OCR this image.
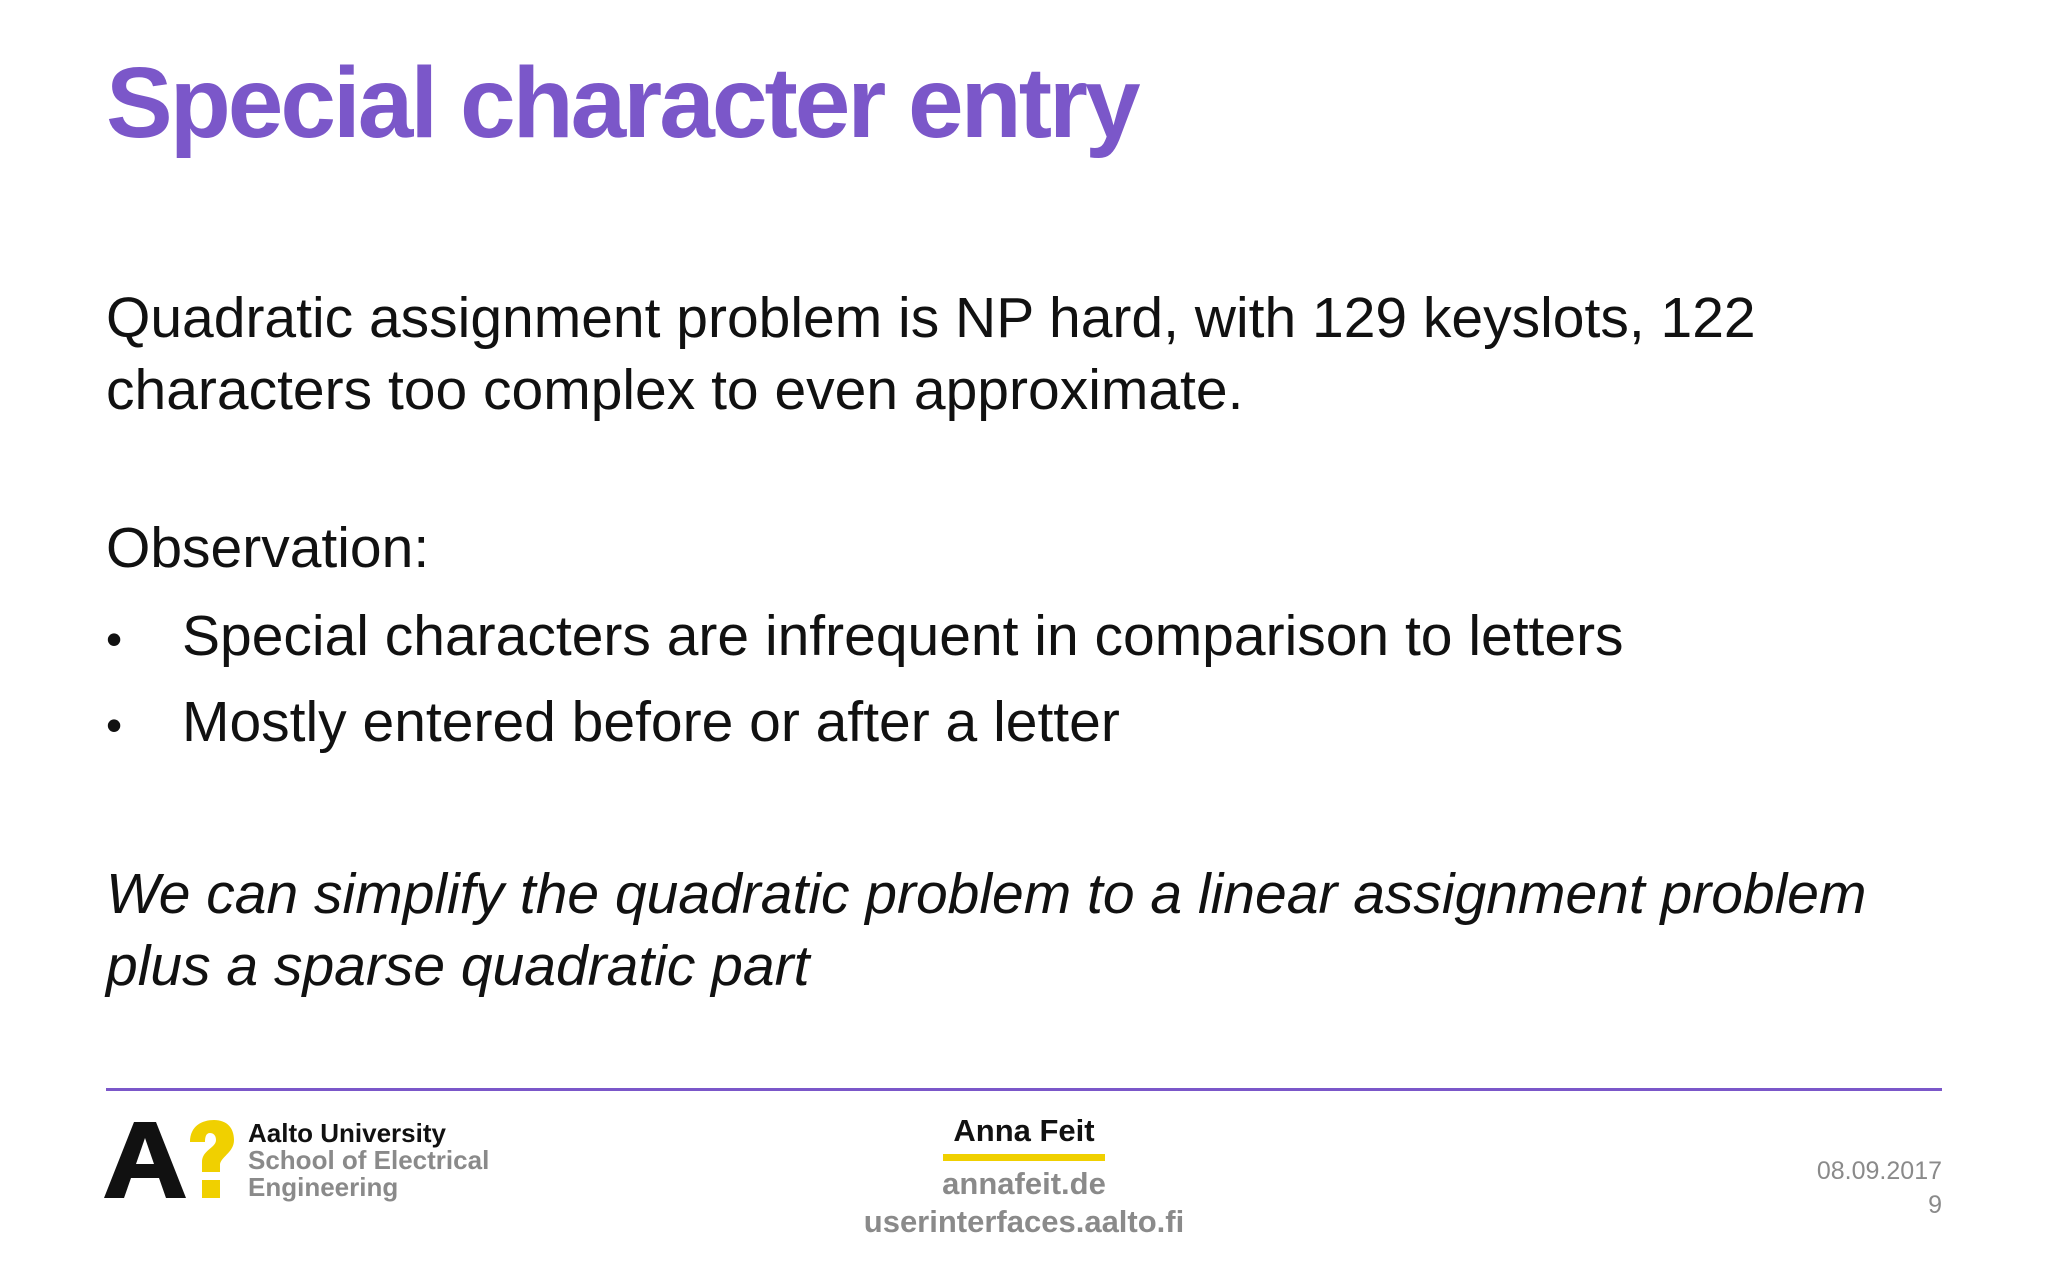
Special character entry
Quadratic assignment problem is NP hard, with 129 keyslots, 122 characters too complex to even approximate.
Observation:
•	Special characters are infrequent in comparison to letters
•	Mostly entered before or after a letter
We can simplify the quadratic problem to a linear assignment problem plus a sparse quadratic part
Aalto University
School of Electrical
Engineering
Anna Feit
annafeit.de
userinterfaces.aalto.fi
08.09.2017
9
